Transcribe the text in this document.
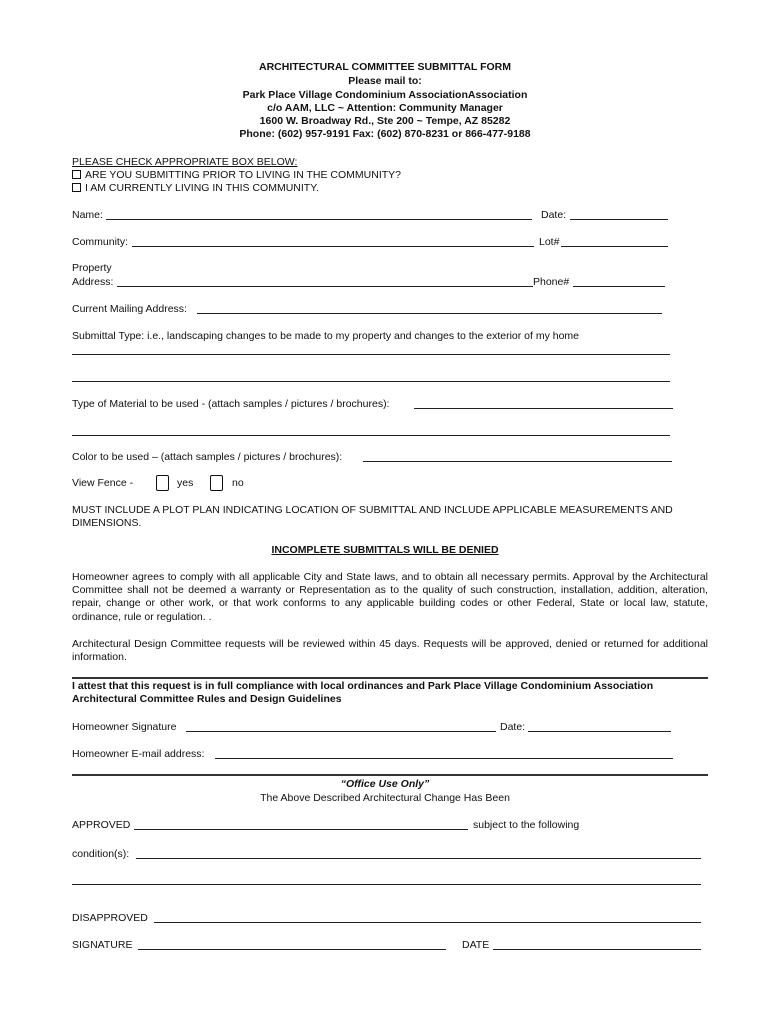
ARCHITECTURAL COMMITTEE SUBMITTAL FORM
Please mail to:
Park Place Village Condominium AssociationAssociation
c/o AAM, LLC ~ Attention: Community Manager
1600 W. Broadway Rd., Ste 200 ~ Tempe, AZ 85282
Phone: (602) 957-9191 Fax: (602) 870-8231 or 866-477-9188
PLEASE CHECK APPROPRIATE BOX BELOW:
ARE YOU SUBMITTING PRIOR TO LIVING IN THE COMMUNITY?
I AM CURRENTLY LIVING IN THIS COMMUNITY.
Name:	Date:
Community:	Lot#
Property
Address:	Phone#
Current Mailing Address:
Submittal Type: i.e., landscaping changes to be made to my property and changes to the exterior of my home
Type of Material to be used - (attach samples / pictures / brochures):
Color to be used – (attach samples / pictures / brochures):
View Fence -	yes	no
MUST INCLUDE A PLOT PLAN INDICATING LOCATION OF SUBMITTAL AND INCLUDE APPLICABLE MEASUREMENTS AND DIMENSIONS.
INCOMPLETE SUBMITTALS WILL BE DENIED
Homeowner agrees to comply with all applicable City and State laws, and to obtain all necessary permits. Approval by the Architectural Committee shall not be deemed a warranty or Representation as to the quality of such construction, installation, addition, alteration, repair, change or other work, or that work conforms to any applicable building codes or other Federal, State or local law, statute, ordinance, rule or regulation. .
Architectural Design Committee requests will be reviewed within 45 days. Requests will be approved, denied or returned for additional information.
I attest that this request is in full compliance with local ordinances and Park Place Village Condominium Association Architectural Committee Rules and Design Guidelines
Homeowner Signature	Date:
Homeowner E-mail address:
“Office Use Only”
The Above Described Architectural Change Has Been
APPROVED	subject to the following
condition(s):
DISAPPROVED
SIGNATURE	DATE
